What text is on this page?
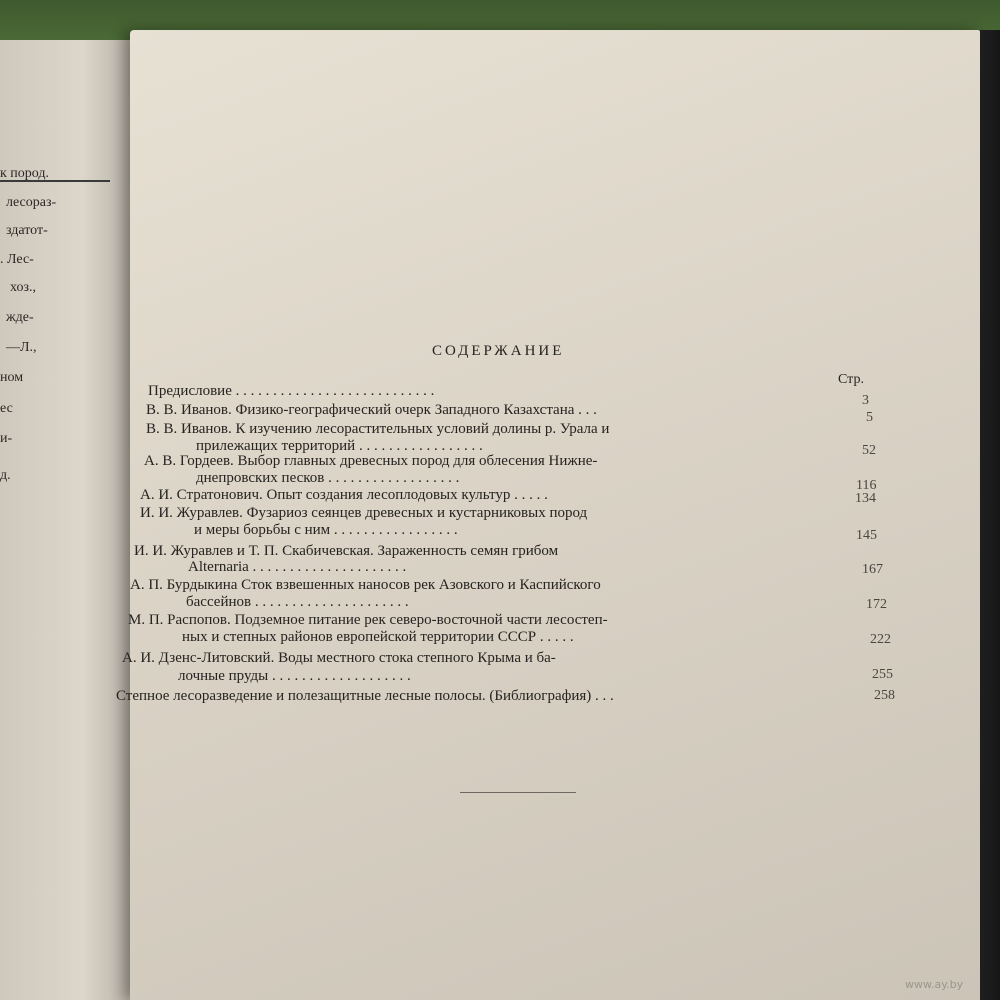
к пород.
лесораз-
здатот-
. Лес-
хоз.,
жде-
—Л.,
ном
ес
и-
д.
СОДЕРЖАНИЕ
Стр.
Предисловие . . . . . . . . . . . . . . . . . . . . . . . . . . .
3
В. В. Иванов. Физико-географический очерк Западного Казахстана . . .	5
В. В. Иванов. К изучению лесорастительных условий долины р. Урала и
прилежащих территорий . . . . . . . . . . . . . . . . .	52
А. В. Гордеев. Выбор главных древесных пород для облесения Нижне-
днепровских песков . . . . . . . . . . . . . . . . . .	116
А. И. Стратонович. Опыт создания лесоплодовых культур . . . . .	134
И. И. Журавлев. Фузариоз сеянцев древесных и кустарниковых пород
и меры борьбы с ним . . . . . . . . . . . . . . . . .	145
И. И. Журавлев и Т. П. Скабичевская. Зараженность семян грибом
Alternaria . . . . . . . . . . . . . . . . . . . . .	167
А. П. Бурдыкина Сток взвешенных наносов рек Азовского и Каспийского
бассейнов . . . . . . . . . . . . . . . . . . . . .	172
М. П. Распопов. Подземное питание рек северо-восточной части лесостеп-
ных и степных районов европейской территории СССР . . . . .	222
А. И. Дзенс-Литовский. Воды местного стока степного Крыма и ба-
лочные пруды . . . . . . . . . . . . . . . . . . .	255
Степное лесоразведение и полезащитные лесные полосы. (Библиография) . . .	258
www.ay.by
